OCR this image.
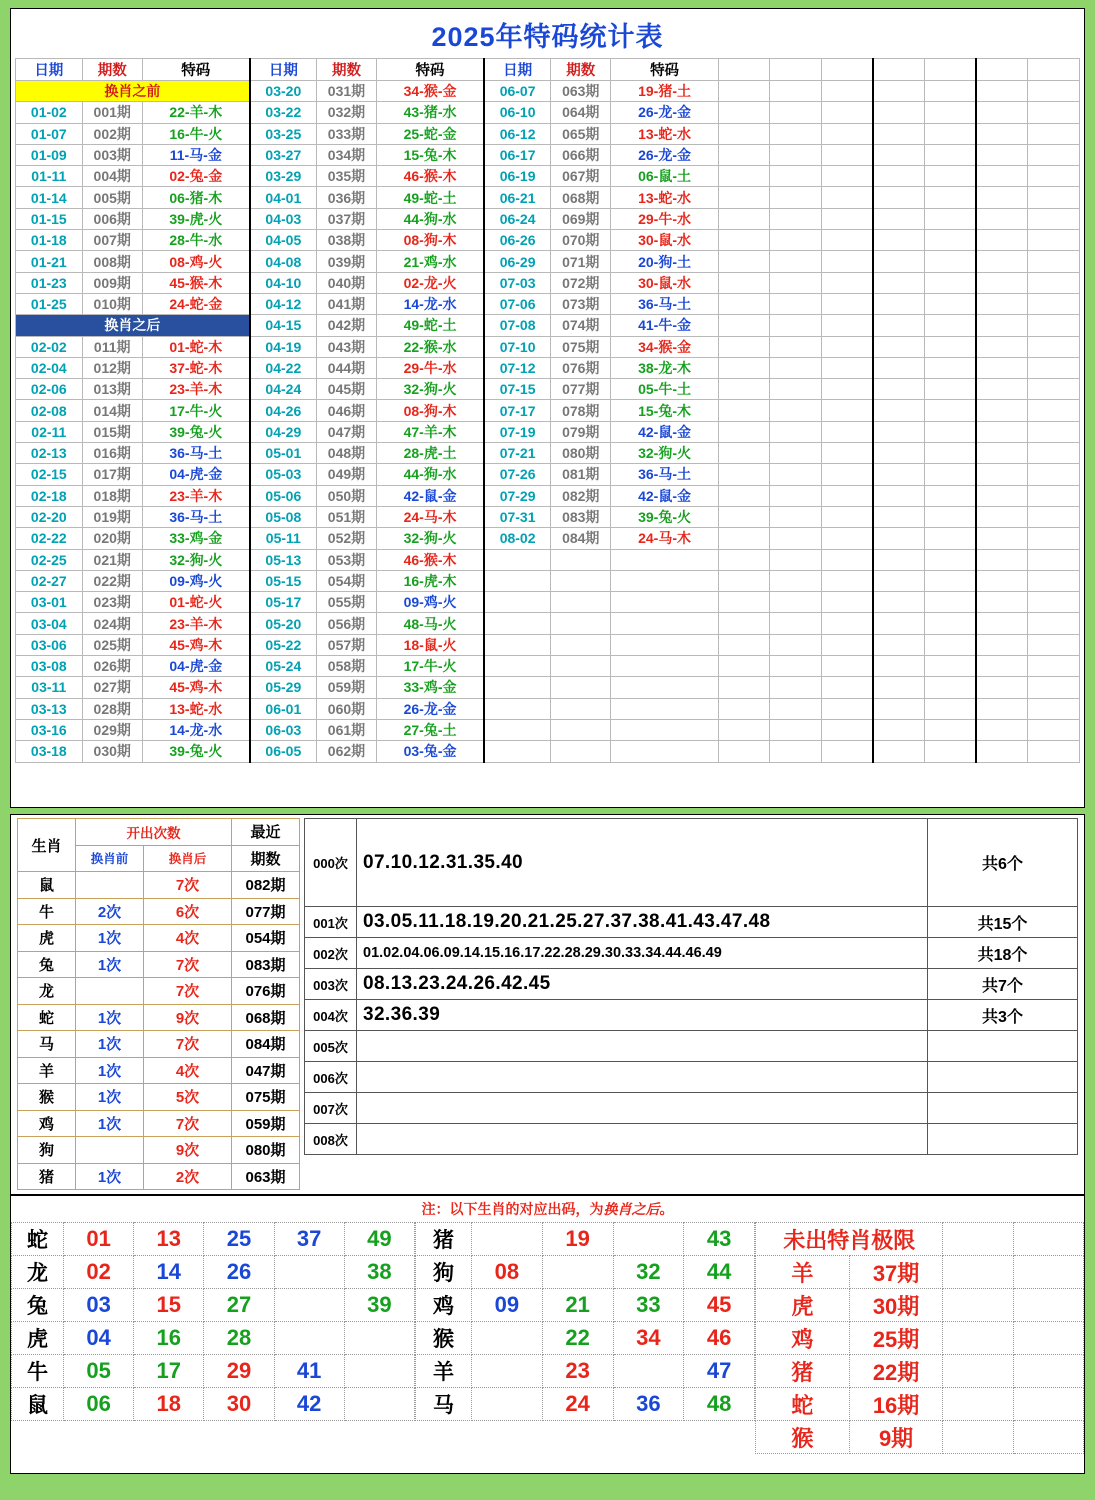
2025年特码统计表
日期	期数	特码	日期	期数	特码	日期	期数	特码							
换肖之前			03-20	031期	34-猴-金	06-07	063期	19-猪-土							
01-02	001期	22-羊-木	03-22	032期	43-猪-水	06-10	064期	26-龙-金							
01-07	002期	16-牛-火	03-25	033期	25-蛇-金	06-12	065期	13-蛇-水							
01-09	003期	11-马-金	03-27	034期	15-兔-木	06-17	066期	26-龙-金							
01-11	004期	02-兔-金	03-29	035期	46-猴-木	06-19	067期	06-鼠-土							
01-14	005期	06-猪-木	04-01	036期	49-蛇-土	06-21	068期	13-蛇-水							
01-15	006期	39-虎-火	04-03	037期	44-狗-水	06-24	069期	29-牛-水							
01-18	007期	28-牛-水	04-05	038期	08-狗-木	06-26	070期	30-鼠-水							
01-21	008期	08-鸡-火	04-08	039期	21-鸡-水	06-29	071期	20-狗-土							
01-23	009期	45-猴-木	04-10	040期	02-龙-火	07-03	072期	30-鼠-水							
01-25	010期	24-蛇-金	04-12	041期	14-龙-水	07-06	073期	36-马-土							
换肖之后			04-15	042期	49-蛇-土	07-08	074期	41-牛-金							
02-02	011期	01-蛇-木	04-19	043期	22-猴-水	07-10	075期	34-猴-金							
02-04	012期	37-蛇-木	04-22	044期	29-牛-水	07-12	076期	38-龙-木							
02-06	013期	23-羊-木	04-24	045期	32-狗-火	07-15	077期	05-牛-土							
02-08	014期	17-牛-火	04-26	046期	08-狗-木	07-17	078期	15-兔-木							
02-11	015期	39-兔-火	04-29	047期	47-羊-木	07-19	079期	42-鼠-金							
02-13	016期	36-马-土	05-01	048期	28-虎-土	07-21	080期	32-狗-火							
02-15	017期	04-虎-金	05-03	049期	44-狗-水	07-26	081期	36-马-土							
02-18	018期	23-羊-木	05-06	050期	42-鼠-金	07-29	082期	42-鼠-金							
02-20	019期	36-马-土	05-08	051期	24-马-木	07-31	083期	39-兔-火							
02-22	020期	33-鸡-金	05-11	052期	32-狗-火	08-02	084期	24-马-木							
02-25	021期	32-狗-火	05-13	053期	46-猴-木										
02-27	022期	09-鸡-火	05-15	054期	16-虎-木										
03-01	023期	01-蛇-火	05-17	055期	09-鸡-火										
03-04	024期	23-羊-木	05-20	056期	48-马-火										
03-06	025期	45-鸡-木	05-22	057期	18-鼠-火										
03-08	026期	04-虎-金	05-24	058期	17-牛-火										
03-11	027期	45-鸡-木	05-29	059期	33-鸡-金										
03-13	028期	13-蛇-水	06-01	060期	26-龙-金										
03-16	029期	14-龙-水	06-03	061期	27-兔-土										
03-18	030期	39-兔-火	06-05	062期	03-兔-金										
生肖	开出次数		最近
	换肖前	换肖后	期数
鼠		7次	082期
牛	2次	6次	077期
虎	1次	4次	054期
兔	1次	7次	083期
龙		7次	076期
蛇	1次	9次	068期
马	1次	7次	084期
羊	1次	4次	047期
猴	1次	5次	075期
鸡	1次	7次	059期
狗		9次	080期
猪	1次	2次	063期
000次	07.10.12.31.35.40	共6个
001次	03.05.11.18.19.20.21.25.27.37.38.41.43.47.48	共15个
002次	01.02.04.06.09.14.15.16.17.22.28.29.30.33.34.44.46.49	共18个
003次	08.13.23.24.26.42.45	共7个
004次	32.36.39	共3个
005次		
006次		
007次		
008次		
注：以下生肖的对应出码，为换肖之后。
蛇	01	13	25	37	49
龙	02	14	26		38
兔	03	15	27		39
虎	04	16	28		
牛	05	17	29	41	
鼠	06	18	30	42	
猪		19		43
狗	08		32	44
鸡	09	21	33	45
猴		22	34	46
羊		23		47
马		24	36	48
未出特肖极限			
羊	37期		
虎	30期		
鸡	25期		
猪	22期		
蛇	16期		
猴	9期		
